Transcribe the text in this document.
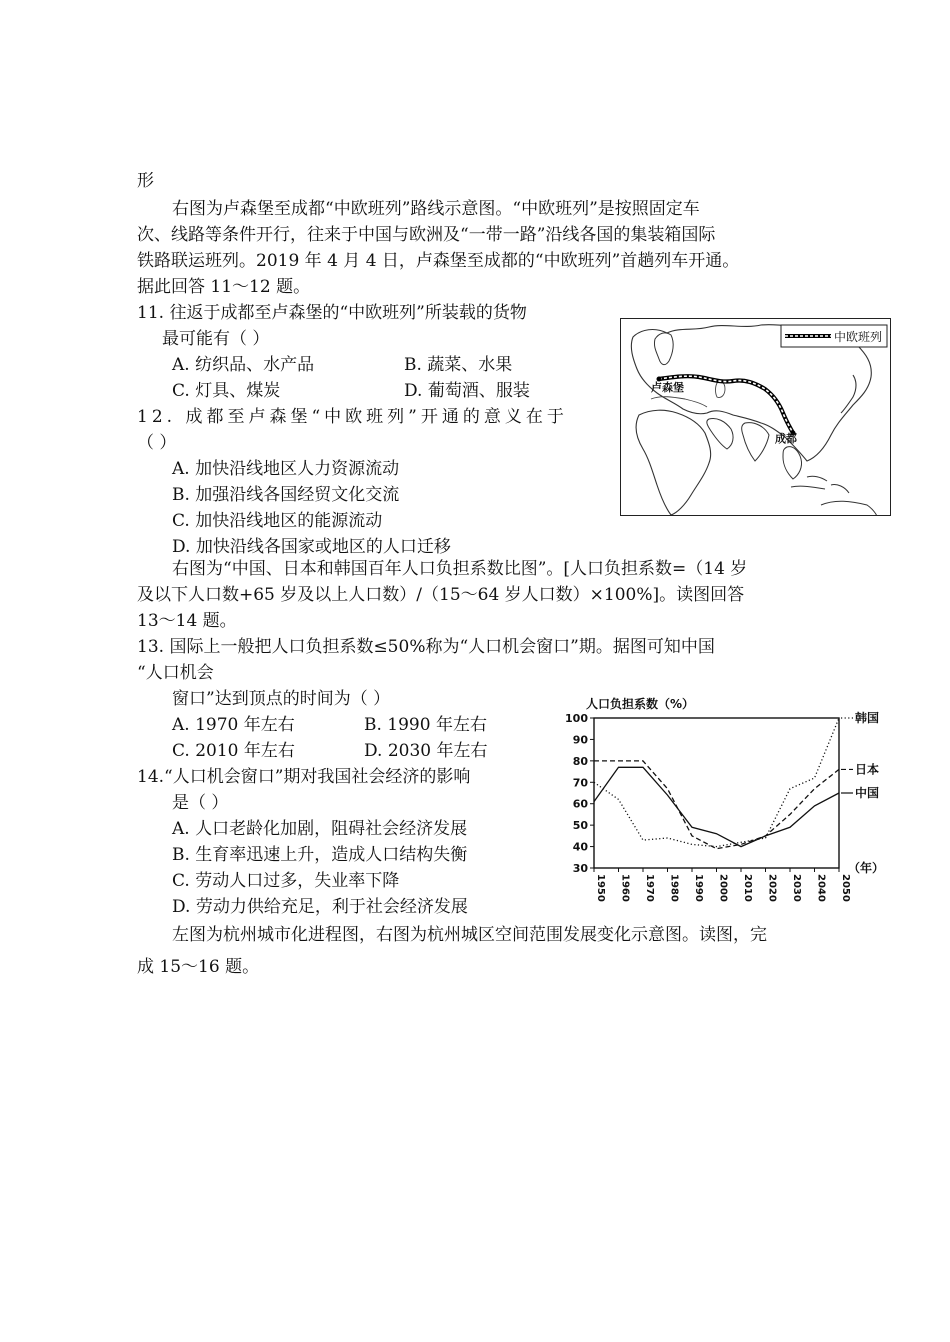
形
右图为卢森堡至成都“中欧班列”路线示意图。“中欧班列”是按照固定车
次、线路等条件开行，往来于中国与欧洲及“一带一路”沿线各国的集装箱国际
铁路联运班列。2019 年 4 月 4 日，卢森堡至成都的“中欧班列”首趟列车开通。
据此回答 11～12 题。
11. 往返于成都至卢森堡的“中欧班列”所装载的货物
最可能有（ ）
A. 纺织品、水产品	B. 蔬菜、水果
C. 灯具、煤炭	D. 葡萄酒、服装
12. 成都至卢森堡“中欧班列”开通的意义在于
（ ）
A. 加快沿线地区人力资源流动
B. 加强沿线各国经贸文化交流
C. 加快沿线地区的能源流动
D. 加快沿线各国家或地区的人口迁移
中欧班列
卢森堡
成都
右图为“中国、日本和韩国百年人口负担系数比图”。[人口负担系数=（14 岁
及以下人口数+65 岁及以上人口数）/（15～64 岁人口数）×100%]。读图回答
13～14 题。
13. 国际上一般把人口负担系数≤50%称为“人口机会窗口”期。据图可知中国
“人口机会
窗口”达到顶点的时间为（ ）
A. 1970 年左右	B. 1990 年左右
C. 2010 年左右	D. 2030 年左右
14.“人口机会窗口”期对我国社会经济的影响
是（ ）
A. 人口老龄化加剧，阻碍社会经济发展
B. 生育率迅速上升，造成人口结构失衡
C. 劳动人口过多，失业率下降
D. 劳动力供给充足，利于社会经济发展
人口负担系数（%）
30
40
50
60
70
80
90
100
1950 1960 1970 1980 1990 2000 2010 2020 2030 2040 2050
韩国
日本
中国
（年）
左图为杭州城市化进程图，右图为杭州城区空间范围发展变化示意图。读图，完
成 15～16 题。
